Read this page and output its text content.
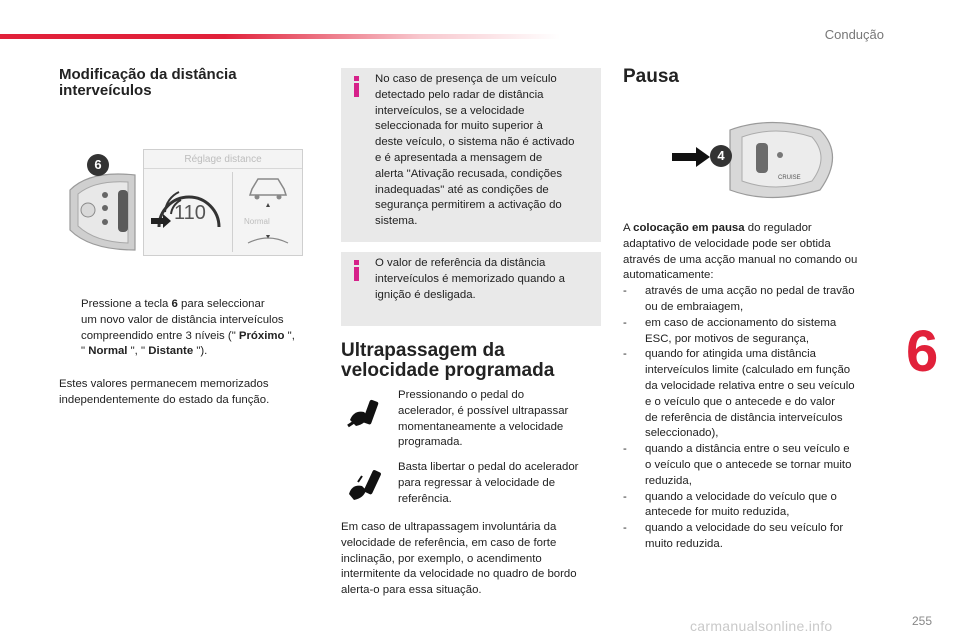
Condução
Modificação da distância
interveículos
6	Réglage distance
110	Normal
Pressione a tecla 6 para seleccionar
um novo valor de distância interveículos
compreendido entre 3 níveis (" Próximo ",
" Normal ", " Distante ").
Estes valores permanecem memorizados
independentemente do estado da função.
No caso de presença de um veículo
detectado pelo radar de distância
interveículos, se a velocidade
seleccionada for muito superior à
deste veículo, o sistema não é activado
e é apresentada a mensagem de
alerta "Ativação recusada, condições
inadequadas" até as condições de
segurança permitirem a activação do
sistema.
O valor de referência da distância
interveículos é memorizado quando a
ignição é desligada.
Ultrapassagem da
velocidade programada
Pressionando o pedal do
acelerador, é possível ultrapassar
momentaneamente a velocidade
programada.
Basta libertar o pedal do acelerador
para regressar à velocidade de
referência.
Em caso de ultrapassagem involuntária da
velocidade de referência, em caso de forte
inclinação, por exemplo, o acendimento
intermitente da velocidade no quadro de bordo
alerta-o para essa situação.
Pausa
4
CRUISE
A colocação em pausa do regulador
adaptativo de velocidade pode ser obtida
através de uma acção manual no comando ou
automaticamente:
- através de uma acção no pedal de travão
ou de embraiagem,
- em caso de accionamento do sistema
ESC, por motivos de segurança,
- quando for atingida uma distância
interveículos limite (calculado em função
da velocidade relativa entre o seu veículo
e o veículo que o antecede e do valor
de referência de distância interveículos
seleccionado),
- quando a distância entre o seu veículo e
o veículo que o antecede se tornar muito
reduzida,
- quando a velocidade do veículo que o
antecede for muito reduzida,
- quando a velocidade do seu veículo for
muito reduzida.
6
255
carmanualsonline.info
